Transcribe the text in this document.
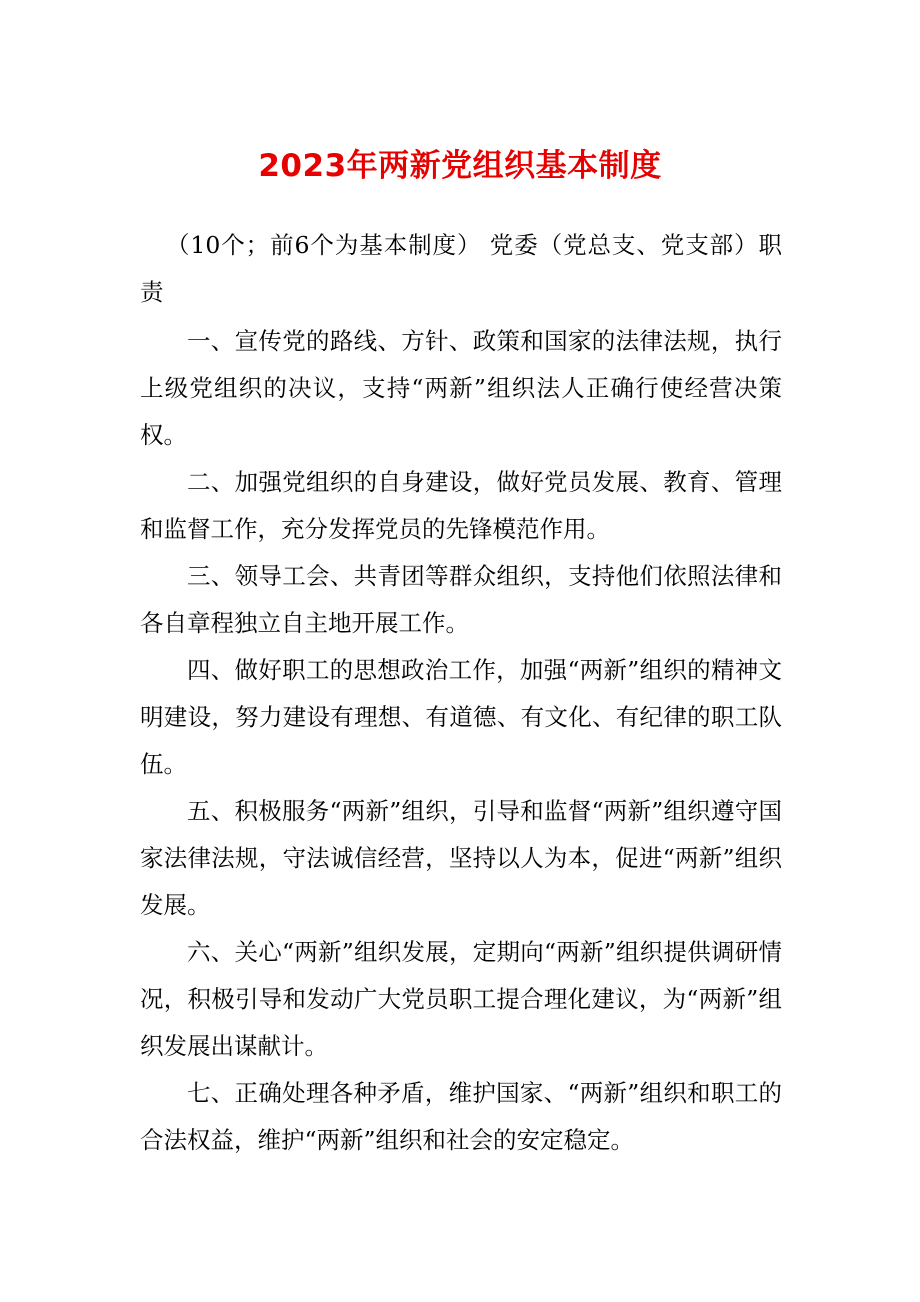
2023年两新党组织基本制度

（10个；前6个为基本制度） 党委（党总支、党支部）职责

一、宣传党的路线、方针、政策和国家的法律法规，执行上级党组织的决议，支持“两新”组织法人正确行使经营决策权。

二、加强党组织的自身建设，做好党员发展、教育、管理和监督工作，充分发挥党员的先锋模范作用。

三、领导工会、共青团等群众组织，支持他们依照法律和各自章程独立自主地开展工作。

四、做好职工的思想政治工作，加强“两新”组织的精神文明建设，努力建设有理想、有道德、有文化、有纪律的职工队伍。

五、积极服务“两新”组织，引导和监督“两新”组织遵守国家法律法规，守法诚信经营，坚持以人为本，促进“两新”组织发展。

六、关心“两新”组织发展，定期向“两新”组织提供调研情况，积极引导和发动广大党员职工提合理化建议，为“两新”组织发展出谋献计。

七、正确处理各种矛盾，维护国家、“两新”组织和职工的合法权益，维护“两新”组织和社会的安定稳定。
